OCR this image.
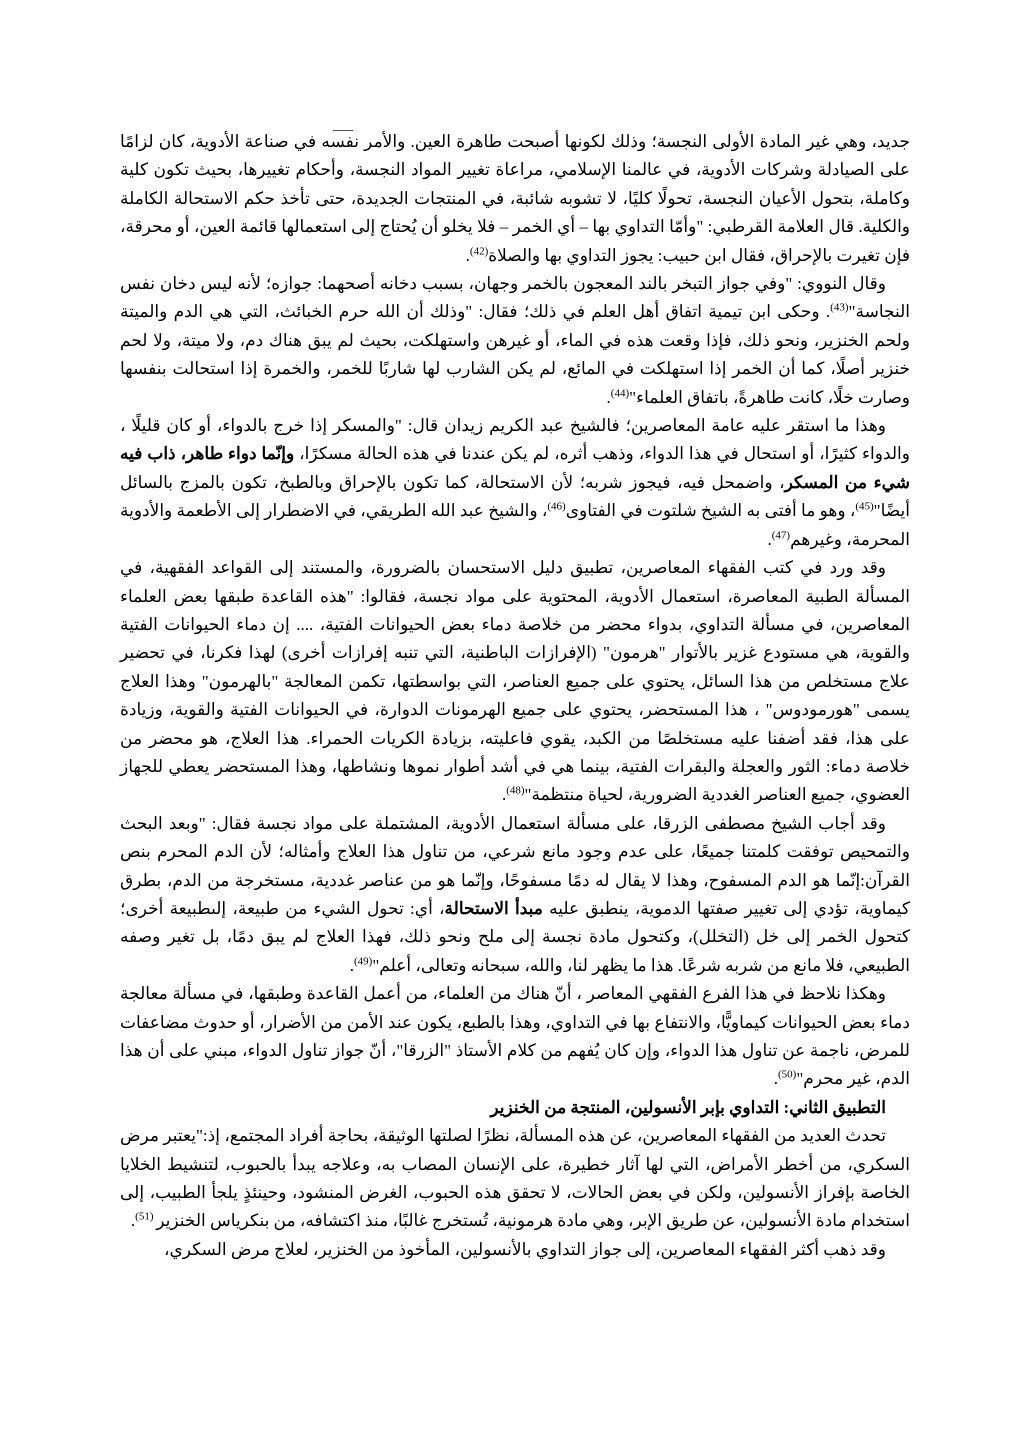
جديد، وهي غير المادة الأولى النجسة؛ وذلك لكونها أصبحت طاهرة العين. والأمر نفسه في صناعة الأدوية، كان لزامًا على الصيادلة وشركات الأدوية، في عالمنا الإسلامي، مراعاة تغيير المواد النجسة، وأحكام تغييرها، بحيث تكون كلية وكاملة، بتحول الأعيان النجسة، تحولًا كليًا، لا تشوبه شائبة، في المنتجات الجديدة، حتى تأخذ حكم الاستحالة الكاملة والكلية. قال العلامة القرطبي: "وأمّا التداوي بها – أي الخمر – فلا يخلو أن يُحتاج إلى استعمالها قائمة العين، أو محرقة، فإن تغيرت بالإحراق، فقال ابن حبيب: يجوز التداوي بها والصلاة$^{(42)}$.

وقال النووي: "وفي جواز التبخر بالند المعجون بالخمر وجهان، بسبب دخانه أصحهما: جوازه؛ لأنه ليس دخان نفس النجاسة"$^{(43)}$. وحكى ابن تيمية اتفاق أهل العلم في ذلك؛ فقال: "وذلك أن الله حرم الخبائث، التي هي الدم والميتة ولحم الخنزير، ونحو ذلك، فإذا وقعت هذه في الماء، أو غيرهن واستهلكت، بحيث لم يبق هناك دم، ولا ميتة، ولا لحم خنزير أصلًا، كما أن الخمر إذا استهلكت في المائع، لم يكن الشارب لها شاربًا للخمر، والخمرة إذا استحالت بنفسها وصارت خلًا، كانت طاهرةً، باتفاق العلماء"$^{(44)}$.

وهذا ما استقر عليه عامة المعاصرين؛ فالشيخ عبد الكريم زيدان قال: "والمسكر إذا خرج بالدواء، أو كان قليلًا ، والدواء كثيرًا، أو استحال في هذا الدواء، وذهب أثره، لم يكن عندنا في هذه الحالة مسكرًا، وإنّما دواء طاهر، ذاب فيه شيء من المسكر، واضمحل فيه، فيجوز شربه؛ لأن الاستحالة، كما تكون بالإحراق وبالطبخ، تكون بالمزج بالسائل أيضًا"$^{(45)}$، وهو ما أفتى به الشيخ شلتوت في الفتاوى$^{(46)}$، والشيخ عبد الله الطريقي، في الاضطرار إلى الأطعمة والأدوية المحرمة، وغيرهم$^{(47)}$.

وقد ورد في كتب الفقهاء المعاصرين، تطبيق دليل الاستحسان بالضرورة، والمستند إلى القواعد الفقهية، في المسألة الطبية المعاصرة، استعمال الأدوية، المحتوية على مواد نجسة، فقالوا: "هذه القاعدة طبقها بعض العلماء المعاصرين، في مسألة التداوي، بدواء محضر من خلاصة دماء بعض الحيوانات الفتية، .... إن دماء الحيوانات الفتية والقوية، هي مستودع غزير بالأتوار "هرمون" (الإفرازات الباطنية، التي تنبه إفرازات أخرى) لهذا فكرنا، في تحضير علاج مستخلص من هذا السائل، يحتوي على جميع العناصر، التي بواسطتها، تكمن المعالجة "بالهرمون" وهذا العلاج يسمى "هورمودوس" ، هذا المستحضر، يحتوي على جميع الهرمونات الدوارة، في الحيوانات الفتية والقوية، وزيادة على هذا، فقد أضفنا عليه مستخلصًا من الكبد، يقوي فاعليته، بزيادة الكريات الحمراء. هذا العلاج، هو محضر من خلاصة دماء: الثور والعجلة والبقرات الفتية، بينما هي في أشد أطوار نموها ونشاطها، وهذا المستحضر يعطي للجهاز العضوي، جميع العناصر الغددية الضرورية، لحياة منتظمة"$^{(48)}$.

وقد أجاب الشيخ مصطفى الزرقا، على مسألة استعمال الأدوية، المشتملة على مواد نجسة فقال: "وبعد البحث والتمحيص توفقت كلمتنا جميعًا، على عدم وجود مانع شرعي، من تناول هذا العلاج وأمثاله؛ لأن الدم المحرم بنص القرآن:إنّما هو الدم المسفوح، وهذا لا يقال له دمًا مسفوحًا، وإنّما هو من عناصر غددية، مستخرجة من الدم، بطرق كيماوية، تؤدي إلى تغيير صفتها الدموية، ينطبق عليه مبدأ الاستحالة، أي: تحول الشيء من طبيعة، إلىطبيعة أخرى؛ كتحول الخمر إلى خل (التخلل)، وكتحول مادة نجسة إلى ملح ونحو ذلك، فهذا العلاج لم يبق دمًا، بل تغير وصفه الطبيعي، فلا مانع من شربه شرعًا. هذا ما يظهر لنا، والله، سبحانه وتعالى، أعلم"$^{(49)}$.

وهكذا نلاحظ في هذا الفرع الفقهي المعاصر ، أنّ هناك من العلماء، من أعمل القاعدة وطبقها، في مسألة معالجة دماء بعض الحيوانات كيماويًّا، والانتفاع بها في التداوي، وهذا بالطبع، يكون عند الأمن من الأضرار، أو حدوث مضاعفات للمرض، ناجمة عن تناول هذا الدواء، وإن كان يُفهم من كلام الأستاذ "الزرقا"، أنّ جواز تناول الدواء، مبني على أن هذا الدم، غير محرم"$^{(50)}$.

التطبيق الثاني: التداوي بإبر الأنسولين، المنتجة من الخنزير

تحدث العديد من الفقهاء المعاصرين، عن هذه المسألة، نظرًا لصلتها الوثيقة، بحاجة أفراد المجتمع، إذ:"يعتبر مرض السكري، من أخطر الأمراض، التي لها آثار خطيرة، على الإنسان المصاب به، وعلاجه يبدأ بالحبوب، لتنشيط الخلايا الخاصة بإفراز الأنسولين، ولكن في بعض الحالات، لا تحقق هذه الحبوب، الغرض المنشود، وحينئذٍ يلجأ الطبيب، إلى استخدام مادة الأنسولين، عن طريق الإبر، وهي مادة هرمونية، تُستخرج غالبًا، منذ اكتشافه، من بنكرياس الخنزير $^{(51)}$.

وقد ذهب أكثر الفقهاء المعاصرين، إلى جواز التداوي بالأنسولين، المأخوذ من الخنزير، لعلاج مرض السكري،
